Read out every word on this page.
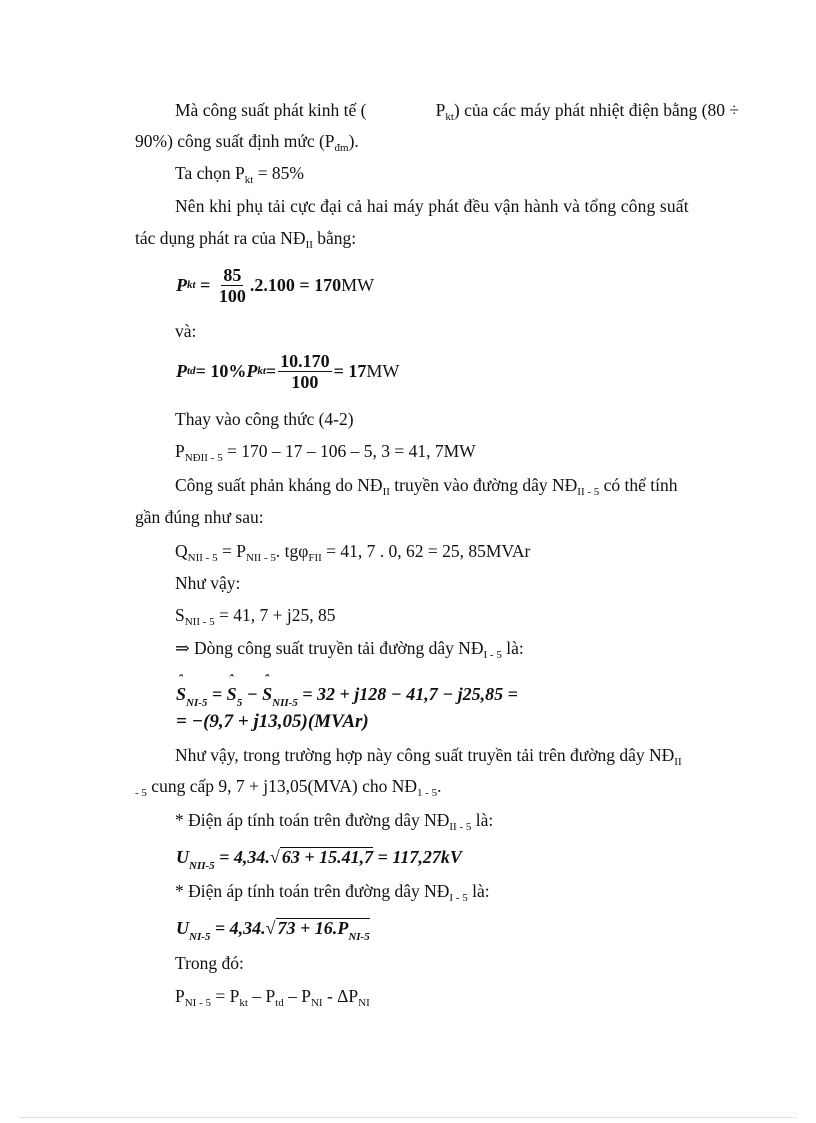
Mà công suất phát kinh tế (	$P_{kt}$) của các máy phát nhiệt điện bằng (80 ÷
90%) công suất định mức $(P_{đm})$.
Ta chọn $P_{kt} = 85\%$
Nên khi phụ tải cực đại cả hai máy phát đều vận hành và tổng công suất
tác dụng phát ra của $NĐ_{II}$ bằng:
P kt = $\frac{85}{100} .2.100 = 170$ MW
và:
P td = 10% P kt = $\frac{10.170}{100} = 17$ MW
Thay vào công thức (4-2)
$P_{NĐII - 5} = 170 - 17 - 106 - 5$, 3 = 41, 7MW
Công suất phản kháng do $NĐ_{II}$ truyền vào đường dây $NĐ_{II - 5}$ có thể tính
gần đúng như sau:
$Q_{NII - 5} = P_{NII - 5}$. tgφ$_{FII}$ = 41, 7 . 0, 62 = 25, 85MVAr
Như vậy:
$S_{NII - 5} = 41$, 7 + j25, 85
⇒ Dòng công suất truyền tải đường dây $NĐ_{I - 5}$ là:
ˆ $S_{NI-5}$ = ˆ $S_5$ − ˆ $S_{NII-5} = 32 + j128 - 41,7 - j25,85$ =
= −(9,7 + j13,05)(MVAr)
Như vậy, trong trường hợp này công suất truyền tải trên đường dây $NĐ_{II}$
$_{- 5}$ cung cấp 9, 7 + j13,05(MVA) cho $NĐ_{1 - 5}$.
* Điện áp tính toán trên đường dây $NĐ_{II - 5}$ là:
$U_{NII-5} = 4,34.√$ 63 + 15.41,7 = 117,27kV
* Điện áp tính toán trên đường dây $NĐ_{I - 5}$ là:
$U_{NI-5} = 4,34.√$ $73 + 16.P_{NI-5}$
Trong đó:
$P_{NI - 5} = P_{kt} - P_{td} - P_{NI} - \Delta P_{NI}$
